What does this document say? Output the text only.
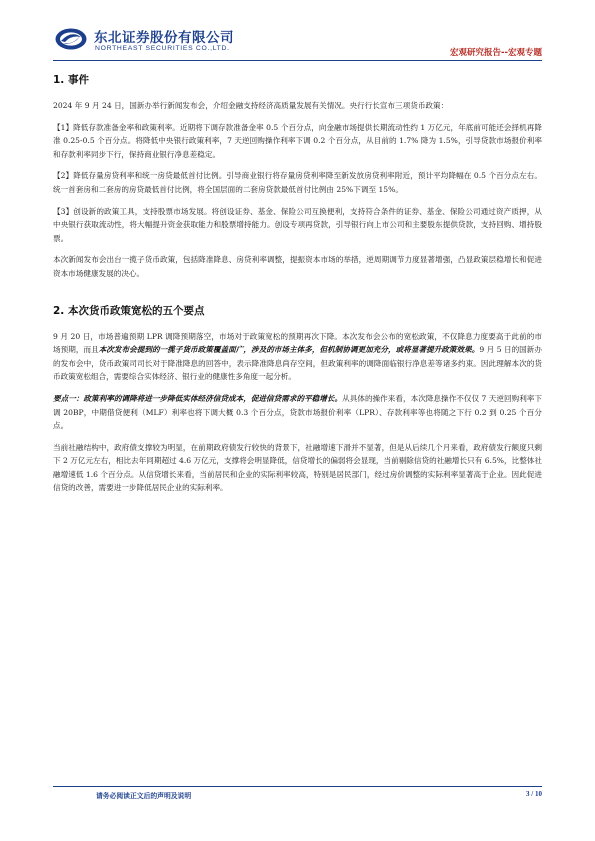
东北证券股份有限公司
NORTHEAST SECURITIES CO.,LTD.	宏观研究报告--宏观专题
1. 事件

2024 年 9 月 24 日，国新办举行新闻发布会，介绍金融支持经济高质量发展有关情况。央行行长宣布三项货币政策：

【1】降低存款准备金率和政策利率。近期将下调存款准备金率 0.5 个百分点，向金融市场提供长期流动性约 1 万亿元，年底前可能还会择机再降准 0.25-0.5 个百分点。将降低中央银行政策利率，7 天逆回购操作利率下调 0.2 个百分点，从目前的 1.7% 降为 1.5%，引导贷款市场报价利率和存款利率同步下行，保持商业银行净息差稳定。

【2】降低存量房贷利率和统一房贷最低首付比例。引导商业银行将存量房贷利率降至新发放房贷利率附近，预计平均降幅在 0.5 个百分点左右。统一首套房和二套房的房贷最低首付比例，将全国层面的二套房贷款最低首付比例由 25%下调至 15%。

【3】创设新的政策工具，支持股票市场发展。将创设证券、基金、保险公司互换便利，支持符合条件的证券、基金、保险公司通过资产质押，从中央银行获取流动性，将大幅提升资金获取能力和股票增持能力。创设专项再贷款，引导银行向上市公司和主要股东提供贷款，支持回购、增持股票。

本次新闻发布会出台一揽子货币政策，包括降准降息、房贷利率调整，提振资本市场的举措，逆周期调节力度显著增强，凸显政策层稳增长和促进资本市场健康发展的决心。

2. 本次货币政策宽松的五个要点

9 月 20 日，市场普遍预期 LPR 调降预期落空，市场对于政策宽松的预期再次下降。本次发布会公布的宽松政策，不仅降息力度要高于此前的市场预期，而且本次发布会提到的一揽子货币政策覆盖面广，涉及的市场主体多，但机制协调更加充分，或将显著提升政策效果。9 月 5 日的国新办的发布会中，货币政策司司长对于降准降息的回答中，表示降准降息尚存空间，但政策利率的调降面临银行净息差等诸多约束。因此理解本次的货币政策宽松组合，需要综合实体经济、银行业的健康性多角度一起分析。

要点一：政策利率的调降将进一步降低实体经济信贷成本，促进信贷需求的平稳增长。从具体的操作来看，本次降息操作不仅仅 7 天逆回购利率下调 20BP，中期借贷便利（MLF）利率也将下调大概 0.3 个百分点，贷款市场报价利率（LPR）、存款利率等也将随之下行 0.2 到 0.25 个百分点。

当前社融结构中，政府债支撑较为明显，在前期政府债发行较快的背景下，社融增速下滑并不显著，但是从后续几个月来看，政府债发行额度只剩下 2 万亿元左右，相比去年同期超过 4.6 万亿元，支撑将会明显降低，信贷增长的偏弱将会显现，当前剔除信贷的社融增长只有 6.5%，比整体社融增速低 1.6 个百分点。从信贷增长来看，当前居民和企业的实际利率较高，特别是居民部门，经过房价调整的实际利率显著高于企业。因此促进信贷的改善，需要进一步降低居民企业的实际利率。

请务必阅读正文后的声明及说明	3 / 10
